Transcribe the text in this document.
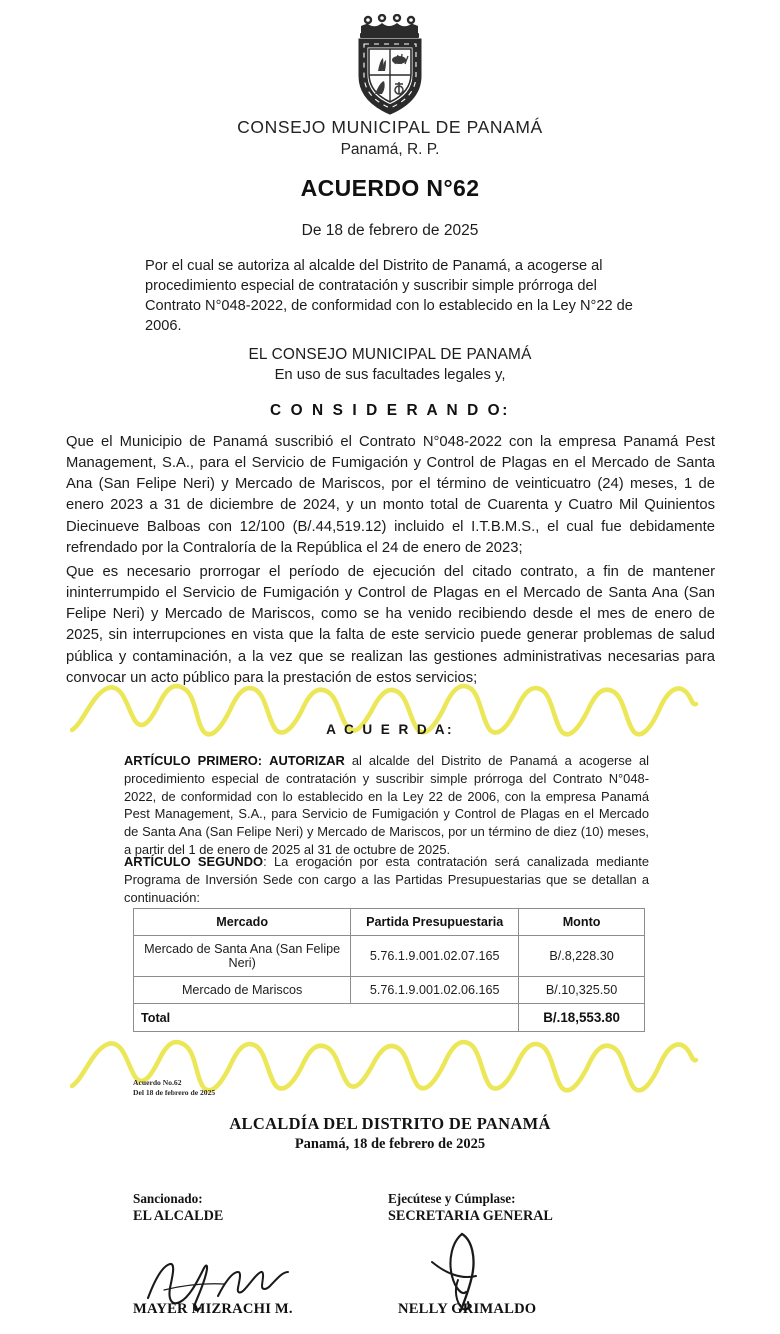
CONSEJO MUNICIPAL DE PANAMÁ
Panamá, R. P.
ACUERDO N°62
De 18 de febrero de 2025
Por el cual se autoriza al alcalde del Distrito de Panamá, a acogerse al procedimiento especial de contratación y suscribir simple prórroga del Contrato N°048-2022, de conformidad con lo establecido en la Ley N°22 de 2006.
EL CONSEJO MUNICIPAL DE PANAMÁ
En uso de sus facultades legales y,
C O N S I D E R A N D O:
Que el Municipio de Panamá suscribió el Contrato N°048-2022 con la empresa Panamá Pest Management, S.A., para el Servicio de Fumigación y Control de Plagas en el Mercado de Santa Ana (San Felipe Neri) y Mercado de Mariscos, por el término de veinticuatro (24) meses, 1 de enero 2023 a 31 de diciembre de 2024, y un monto total de Cuarenta y Cuatro Mil Quinientos Diecinueve Balboas con 12/100 (B/.44,519.12) incluido el I.T.B.M.S., el cual fue debidamente refrendado por la Contraloría de la República el 24 de enero de 2023;
Que es necesario prorrogar el período de ejecución del citado contrato, a fin de mantener ininterrumpido el Servicio de Fumigación y Control de Plagas en el Mercado de Santa Ana (San Felipe Neri) y Mercado de Mariscos, como se ha venido recibiendo desde el mes de enero de 2025, sin interrupciones en vista que la falta de este servicio puede generar problemas de salud pública y contaminación, a la vez que se realizan las gestiones administrativas necesarias para convocar un acto público para la prestación de estos servicios;
A C U E R D A:
ARTÍCULO PRIMERO: AUTORIZAR al alcalde del Distrito de Panamá a acogerse al procedimiento especial de contratación y suscribir simple prórroga del Contrato N°048-2022, de conformidad con lo establecido en la Ley 22 de 2006, con la empresa Panamá Pest Management, S.A., para Servicio de Fumigación y Control de Plagas en el Mercado de Santa Ana (San Felipe Neri) y Mercado de Mariscos, por un término de diez (10) meses, a partir del 1 de enero de 2025 al 31 de octubre de 2025.
ARTÍCULO SEGUNDO: La erogación por esta contratación será canalizada mediante Programa de Inversión Sede con cargo a las Partidas Presupuestarias que se detallan a continuación:
Mercado	Partida Presupuestaria	Monto
Mercado de Santa Ana (San Felipe Neri)	5.76.1.9.001.02.07.165	B/.8,228.30
Mercado de Mariscos	5.76.1.9.001.02.06.165	B/.10,325.50
Total		B/.18,553.80
Acuerdo No.62
Del 18 de febrero de 2025
ALCALDÍA DEL DISTRITO DE PANAMÁ
Panamá, 18 de febrero de 2025
Sancionado:
EL ALCALDE
Ejecútese y Cúmplase:
SECRETARIA GENERAL
MAYER MIZRACHI M.	NELLY GRIMALDO
